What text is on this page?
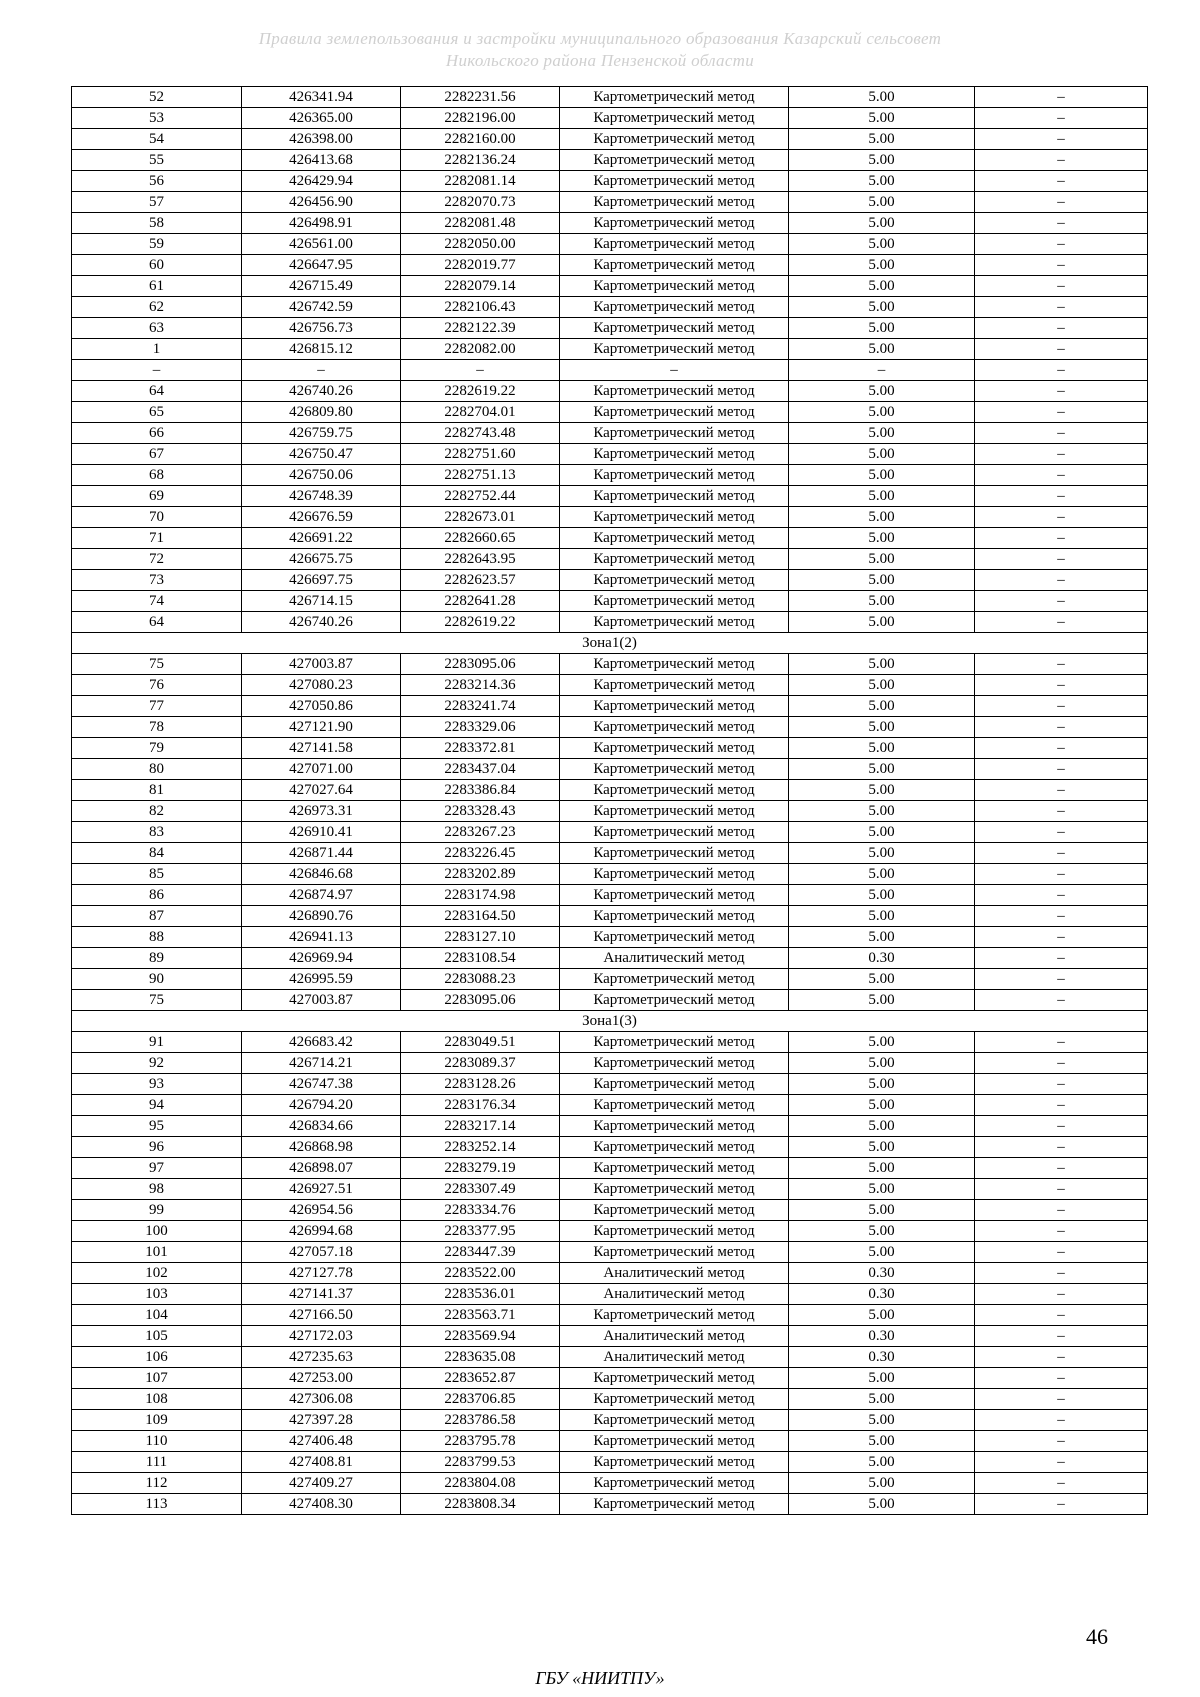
Правила землепользования и застройки муниципального образования Казарский сельсовет
Никольского района Пензенской области
52	426341.94	2282231.56	Картометрический метод	5.00	–
53	426365.00	2282196.00	Картометрический метод	5.00	–
54	426398.00	2282160.00	Картометрический метод	5.00	–
55	426413.68	2282136.24	Картометрический метод	5.00	–
56	426429.94	2282081.14	Картометрический метод	5.00	–
57	426456.90	2282070.73	Картометрический метод	5.00	–
58	426498.91	2282081.48	Картометрический метод	5.00	–
59	426561.00	2282050.00	Картометрический метод	5.00	–
60	426647.95	2282019.77	Картометрический метод	5.00	–
61	426715.49	2282079.14	Картометрический метод	5.00	–
62	426742.59	2282106.43	Картометрический метод	5.00	–
63	426756.73	2282122.39	Картометрический метод	5.00	–
1	426815.12	2282082.00	Картометрический метод	5.00	–
–	–	–	–	–	–
64	426740.26	2282619.22	Картометрический метод	5.00	–
65	426809.80	2282704.01	Картометрический метод	5.00	–
66	426759.75	2282743.48	Картометрический метод	5.00	–
67	426750.47	2282751.60	Картометрический метод	5.00	–
68	426750.06	2282751.13	Картометрический метод	5.00	–
69	426748.39	2282752.44	Картометрический метод	5.00	–
70	426676.59	2282673.01	Картометрический метод	5.00	–
71	426691.22	2282660.65	Картометрический метод	5.00	–
72	426675.75	2282643.95	Картометрический метод	5.00	–
73	426697.75	2282623.57	Картометрический метод	5.00	–
74	426714.15	2282641.28	Картометрический метод	5.00	–
64	426740.26	2282619.22	Картометрический метод	5.00	–
Зона1(2)					
75	427003.87	2283095.06	Картометрический метод	5.00	–
76	427080.23	2283214.36	Картометрический метод	5.00	–
77	427050.86	2283241.74	Картометрический метод	5.00	–
78	427121.90	2283329.06	Картометрический метод	5.00	–
79	427141.58	2283372.81	Картометрический метод	5.00	–
80	427071.00	2283437.04	Картометрический метод	5.00	–
81	427027.64	2283386.84	Картометрический метод	5.00	–
82	426973.31	2283328.43	Картометрический метод	5.00	–
83	426910.41	2283267.23	Картометрический метод	5.00	–
84	426871.44	2283226.45	Картометрический метод	5.00	–
85	426846.68	2283202.89	Картометрический метод	5.00	–
86	426874.97	2283174.98	Картометрический метод	5.00	–
87	426890.76	2283164.50	Картометрический метод	5.00	–
88	426941.13	2283127.10	Картометрический метод	5.00	–
89	426969.94	2283108.54	Аналитический метод	0.30	–
90	426995.59	2283088.23	Картометрический метод	5.00	–
75	427003.87	2283095.06	Картометрический метод	5.00	–
Зона1(3)					
91	426683.42	2283049.51	Картометрический метод	5.00	–
92	426714.21	2283089.37	Картометрический метод	5.00	–
93	426747.38	2283128.26	Картометрический метод	5.00	–
94	426794.20	2283176.34	Картометрический метод	5.00	–
95	426834.66	2283217.14	Картометрический метод	5.00	–
96	426868.98	2283252.14	Картометрический метод	5.00	–
97	426898.07	2283279.19	Картометрический метод	5.00	–
98	426927.51	2283307.49	Картометрический метод	5.00	–
99	426954.56	2283334.76	Картометрический метод	5.00	–
100	426994.68	2283377.95	Картометрический метод	5.00	–
101	427057.18	2283447.39	Картометрический метод	5.00	–
102	427127.78	2283522.00	Аналитический метод	0.30	–
103	427141.37	2283536.01	Аналитический метод	0.30	–
104	427166.50	2283563.71	Картометрический метод	5.00	–
105	427172.03	2283569.94	Аналитический метод	0.30	–
106	427235.63	2283635.08	Аналитический метод	0.30	–
107	427253.00	2283652.87	Картометрический метод	5.00	–
108	427306.08	2283706.85	Картометрический метод	5.00	–
109	427397.28	2283786.58	Картометрический метод	5.00	–
110	427406.48	2283795.78	Картометрический метод	5.00	–
111	427408.81	2283799.53	Картометрический метод	5.00	–
112	427409.27	2283804.08	Картометрический метод	5.00	–
113	427408.30	2283808.34	Картометрический метод	5.00	–
46
ГБУ «НИИТПУ»
